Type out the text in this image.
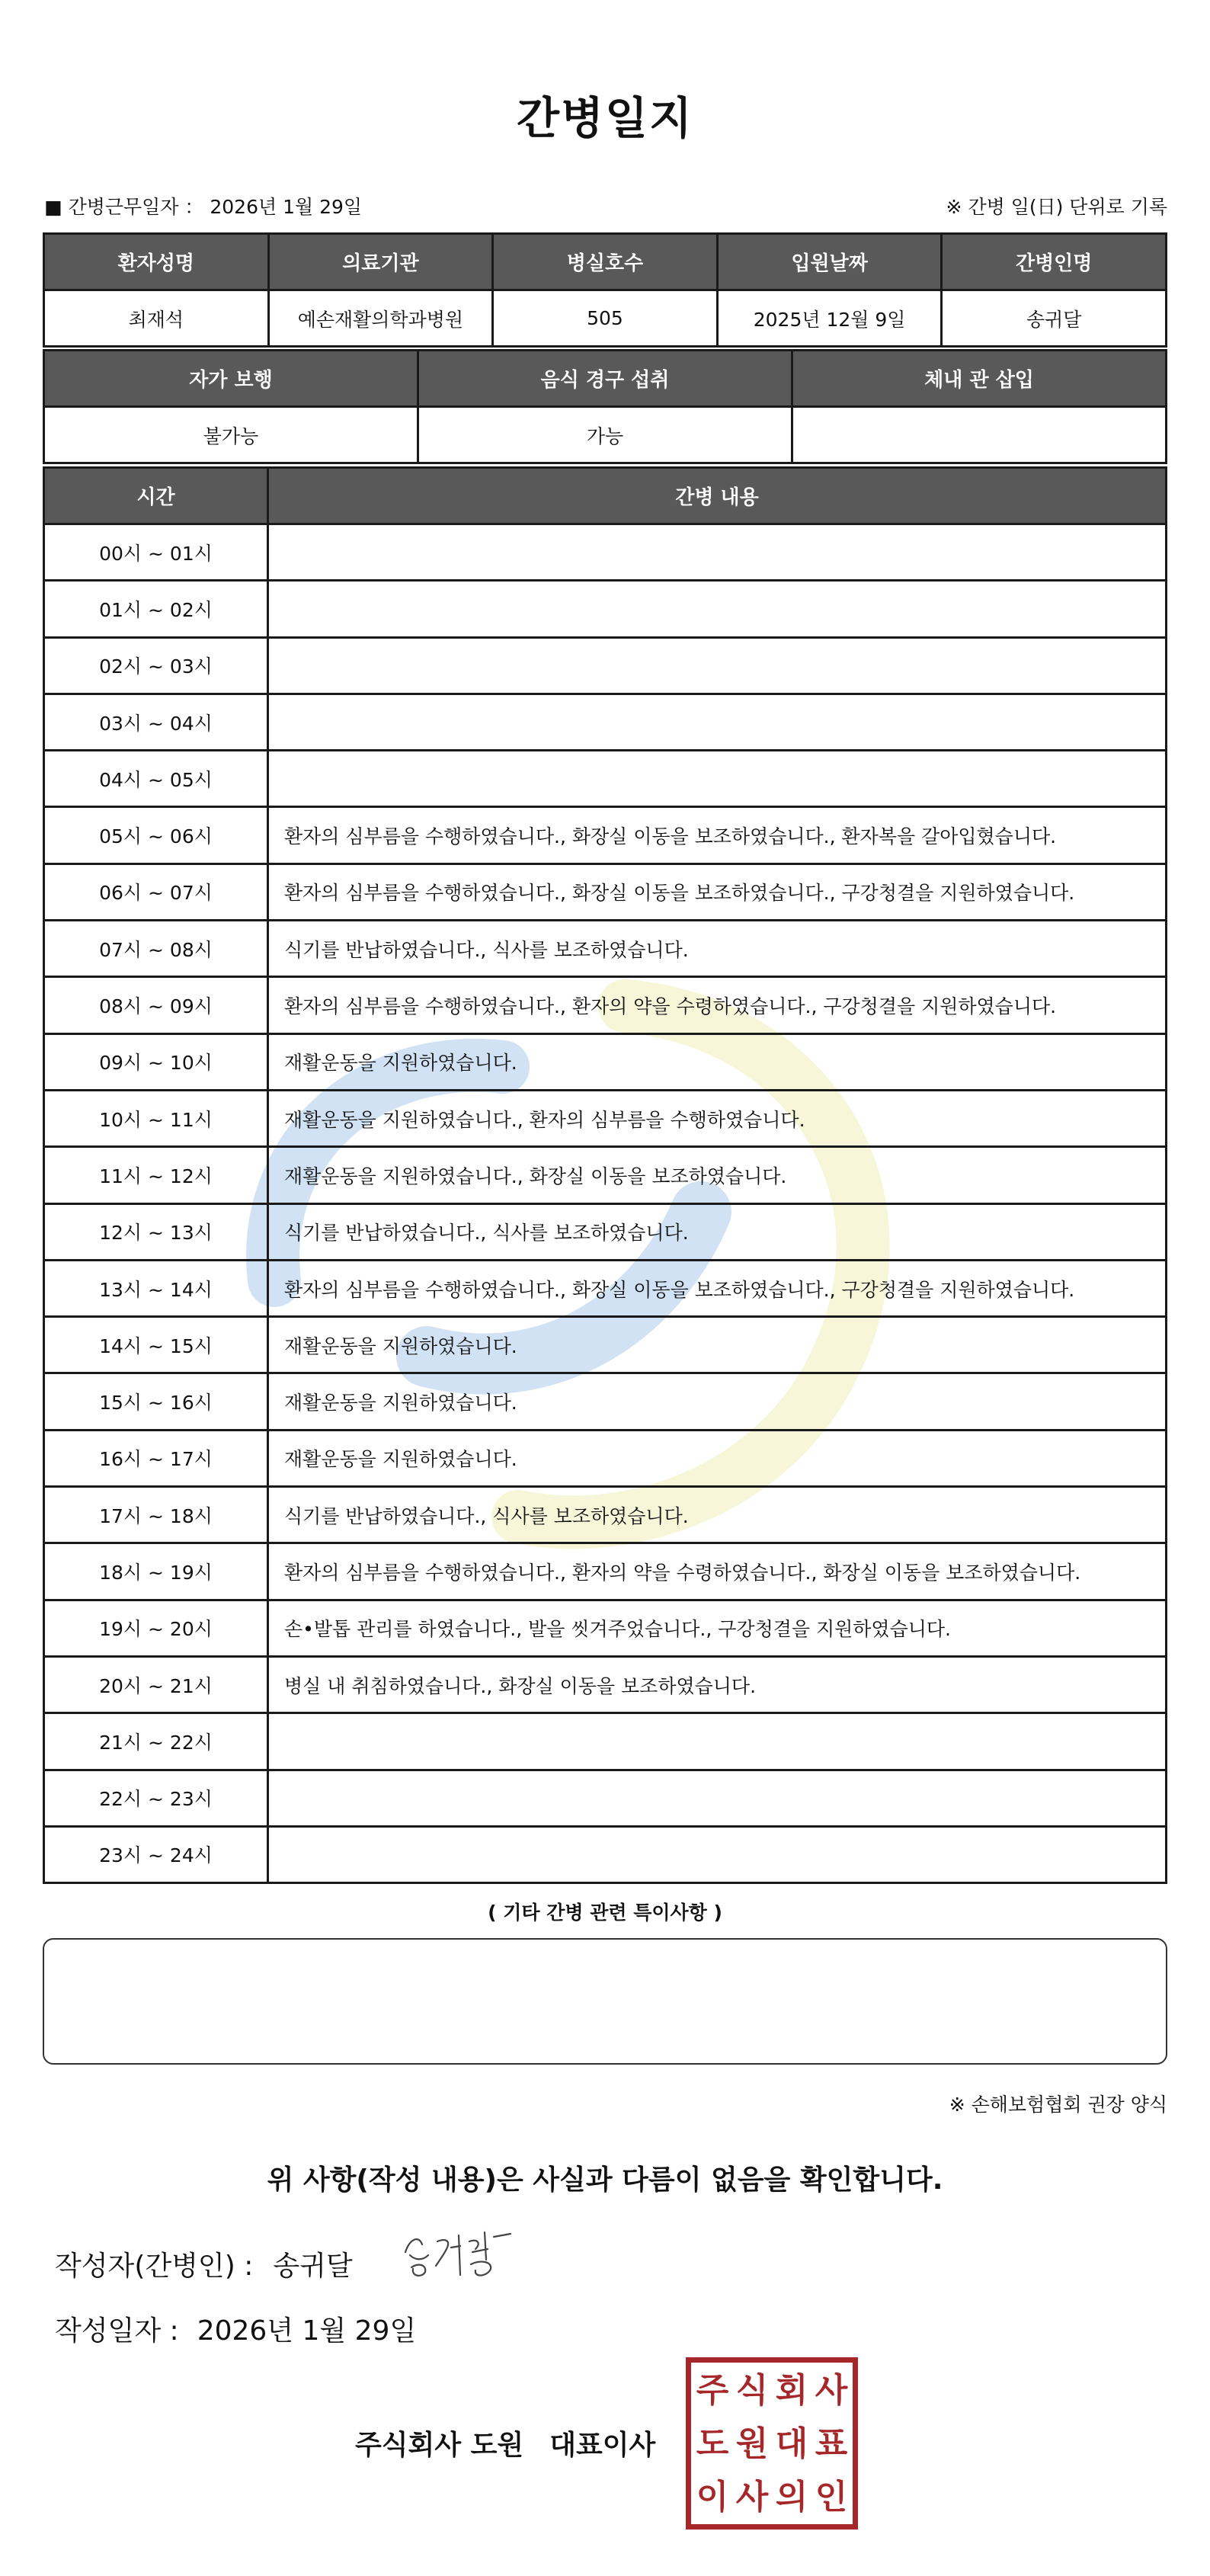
간병일지
■ 간병근무일자 ： 2026년 1월 29일	※ 간병 일(日) 단위로 기록
환자성명	의료기관	병실호수	입원날짜	간병인명
최재석	예손재활의학과병원	505	2025년 12월 9일	송귀달
자가 보행	음식 경구 섭취	체내 관 삽입
불가능	가능	
시간	간병 내용
00시 ~ 01시	
01시 ~ 02시	
02시 ~ 03시	
03시 ~ 04시	
04시 ~ 05시	
05시 ~ 06시	환자의 심부름을 수행하였습니다., 화장실 이동을 보조하였습니다., 환자복을 갈아입혔습니다.
06시 ~ 07시	환자의 심부름을 수행하였습니다., 화장실 이동을 보조하였습니다., 구강청결을 지원하였습니다.
07시 ~ 08시	식기를 반납하였습니다., 식사를 보조하였습니다.
08시 ~ 09시	환자의 심부름을 수행하였습니다., 환자의 약을 수령하였습니다., 구강청결을 지원하였습니다.
09시 ~ 10시	재활운동을 지원하였습니다.
10시 ~ 11시	재활운동을 지원하였습니다., 환자의 심부름을 수행하였습니다.
11시 ~ 12시	재활운동을 지원하였습니다., 화장실 이동을 보조하였습니다.
12시 ~ 13시	식기를 반납하였습니다., 식사를 보조하였습니다.
13시 ~ 14시	환자의 심부름을 수행하였습니다., 화장실 이동을 보조하였습니다., 구강청결을 지원하였습니다.
14시 ~ 15시	재활운동을 지원하였습니다.
15시 ~ 16시	재활운동을 지원하였습니다.
16시 ~ 17시	재활운동을 지원하였습니다.
17시 ~ 18시	식기를 반납하였습니다., 식사를 보조하였습니다.
18시 ~ 19시	환자의 심부름을 수행하였습니다., 환자의 약을 수령하였습니다., 화장실 이동을 보조하였습니다.
19시 ~ 20시	손•발톱 관리를 하였습니다., 발을 씻겨주었습니다., 구강청결을 지원하였습니다.
20시 ~ 21시	병실 내 취침하였습니다., 화장실 이동을 보조하였습니다.
21시 ~ 22시	
22시 ~ 23시	
23시 ~ 24시	
( 기타 간병 관련 특이사항 )
※ 손해보험협회 권장 양식
위 사항(작성 내용)은 사실과 다름이 없음을 확인합니다.
작성자(간병인) : 송귀달
작성일자 : 2026년 1월 29일
주식회사 도원 대표이사
주 식 회 사
도 원 대 표
이 사 의 인
